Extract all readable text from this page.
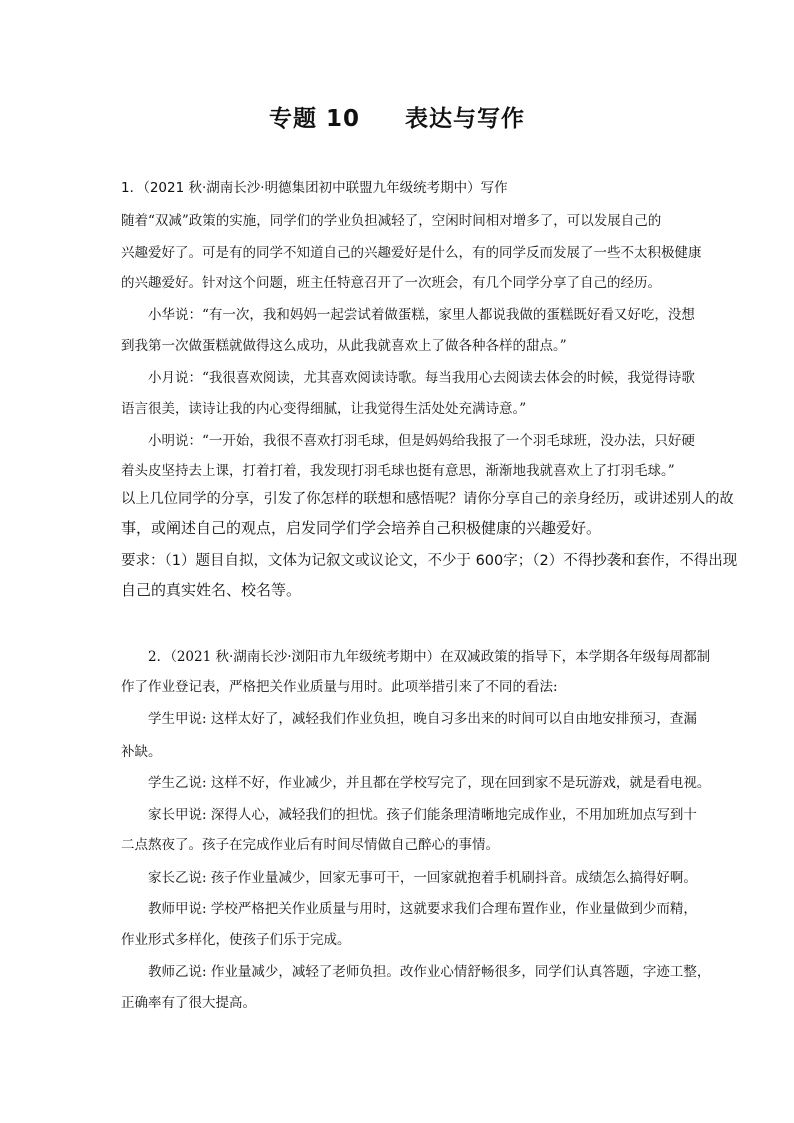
专题 10     表达与写作
1．（2021 秋·湖南长沙·明德集团初中联盟九年级统考期中）写作
随着“双减”政策的实施，同学们的学业负担减轻了，空闲时间相对增多了，可以发展自己的
兴趣爱好了。可是有的同学不知道自己的兴趣爱好是什么，有的同学反而发展了一些不太积极健康
的兴趣爱好。针对这个问题，班主任特意召开了一次班会，有几个同学分享了自己的经历。
小华说：“有一次，我和妈妈一起尝试着做蛋糕，家里人都说我做的蛋糕既好看又好吃，没想
到我第一次做蛋糕就做得这么成功，从此我就喜欢上了做各种各样的甜点。”
小月说：“我很喜欢阅读，尤其喜欢阅读诗歌。每当我用心去阅读去体会的时候，我觉得诗歌
语言很美，读诗让我的内心变得细腻，让我觉得生活处处充满诗意。”
小明说：“一开始，我很不喜欢打羽毛球，但是妈妈给我报了一个羽毛球班，没办法，只好硬
着头皮坚持去上课，打着打着，我发现打羽毛球也挺有意思，渐渐地我就喜欢上了打羽毛球。”
以上几位同学的分享，引发了你怎样的联想和感悟呢？请你分享自己的亲身经历，或讲述别人的故
事，或阐述自己的观点，启发同学们学会培养自己积极健康的兴趣爱好。
要求：（1）题目自拟，文体为记叙文或议论文，不少于 600字；（2）不得抄袭和套作，不得出现
自己的真实姓名、校名等。
2．（2021 秋·湖南长沙·浏阳市九年级统考期中）在双减政策的指导下，本学期各年级每周都制
作了作业登记表，严格把关作业质量与用时。此项举措引来了不同的看法:
学生甲说: 这样太好了，减轻我们作业负担，晚自习多出来的时间可以自由地安排预习，查漏
补缺。
学生乙说: 这样不好，作业减少，并且都在学校写完了，现在回到家不是玩游戏，就是看电视。
家长甲说: 深得人心，减轻我们的担忧。孩子们能条理清晰地完成作业，不用加班加点写到十
二点熬夜了。孩子在完成作业后有时间尽情做自己醉心的事情。
家长乙说: 孩子作业量减少，回家无事可干，一回家就抱着手机刷抖音。成绩怎么搞得好啊。
教师甲说: 学校严格把关作业质量与用时，这就要求我们合理布置作业，作业量做到少而精，
作业形式多样化，使孩子们乐于完成。
教师乙说: 作业量减少，减轻了老师负担。改作业心情舒畅很多，同学们认真答题，字迹工整，
正确率有了很大提高。
